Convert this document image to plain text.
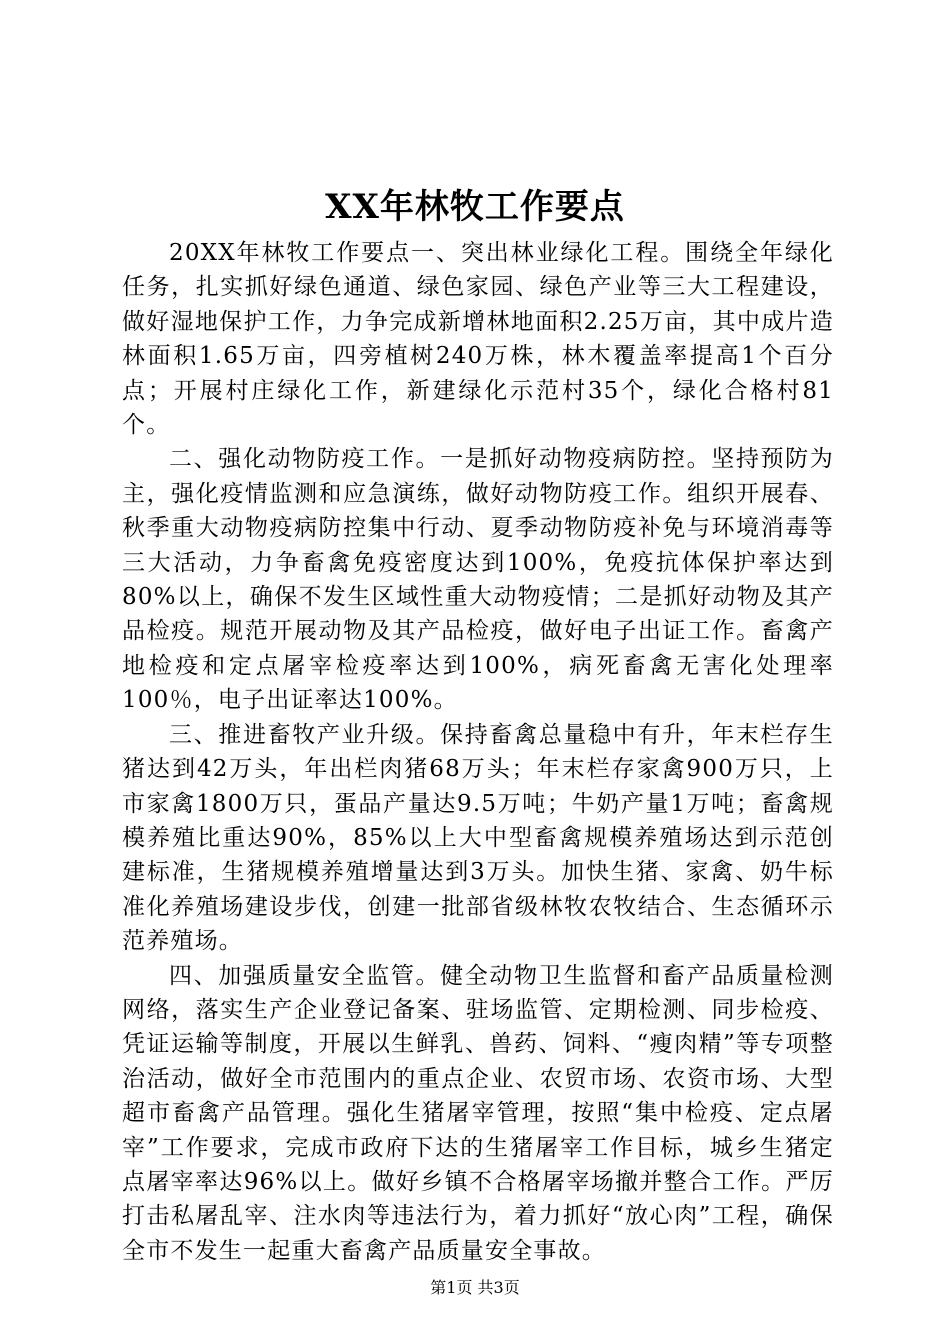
XX年林牧工作要点

20XX年林牧工作要点一、突出林业绿化工程。围绕全年绿化任务，扎实抓好绿色通道、绿色家园、绿色产业等三大工程建设，做好湿地保护工作，力争完成新增林地面积2.25万亩，其中成片造林面积1.65万亩，四旁植树240万株，林木覆盖率提高1个百分点；开展村庄绿化工作，新建绿化示范村35个，绿化合格村81个。

二、强化动物防疫工作。一是抓好动物疫病防控。坚持预防为主，强化疫情监测和应急演练，做好动物防疫工作。组织开展春、秋季重大动物疫病防控集中行动、夏季动物防疫补免与环境消毒等三大活动，力争畜禽免疫密度达到100%，免疫抗体保护率达到80%以上，确保不发生区域性重大动物疫情；二是抓好动物及其产品检疫。规范开展动物及其产品检疫，做好电子出证工作。畜禽产地检疫和定点屠宰检疫率达到100%，病死畜禽无害化处理率100％，电子出证率达100%。

三、推进畜牧产业升级。保持畜禽总量稳中有升，年末栏存生猪达到42万头，年出栏肉猪68万头；年末栏存家禽900万只，上市家禽1800万只，蛋品产量达9.5万吨；牛奶产量1万吨；畜禽规模养殖比重达90%，85%以上大中型畜禽规模养殖场达到示范创建标准，生猪规模养殖增量达到3万头。加快生猪、家禽、奶牛标准化养殖场建设步伐，创建一批部省级林牧农牧结合、生态循环示范养殖场。

四、加强质量安全监管。健全动物卫生监督和畜产品质量检测网络，落实生产企业登记备案、驻场监管、定期检测、同步检疫、凭证运输等制度，开展以生鲜乳、兽药、饲料、“瘦肉精”等专项整治活动，做好全市范围内的重点企业、农贸市场、农资市场、大型超市畜禽产品管理。强化生猪屠宰管理，按照“集中检疫、定点屠宰”工作要求，完成市政府下达的生猪屠宰工作目标，城乡生猪定点屠宰率达96%以上。做好乡镇不合格屠宰场撤并整合工作。严厉打击私屠乱宰、注水肉等违法行为，着力抓好“放心肉”工程，确保全市不发生一起重大畜禽产品质量安全事故。

第1页 共3页
